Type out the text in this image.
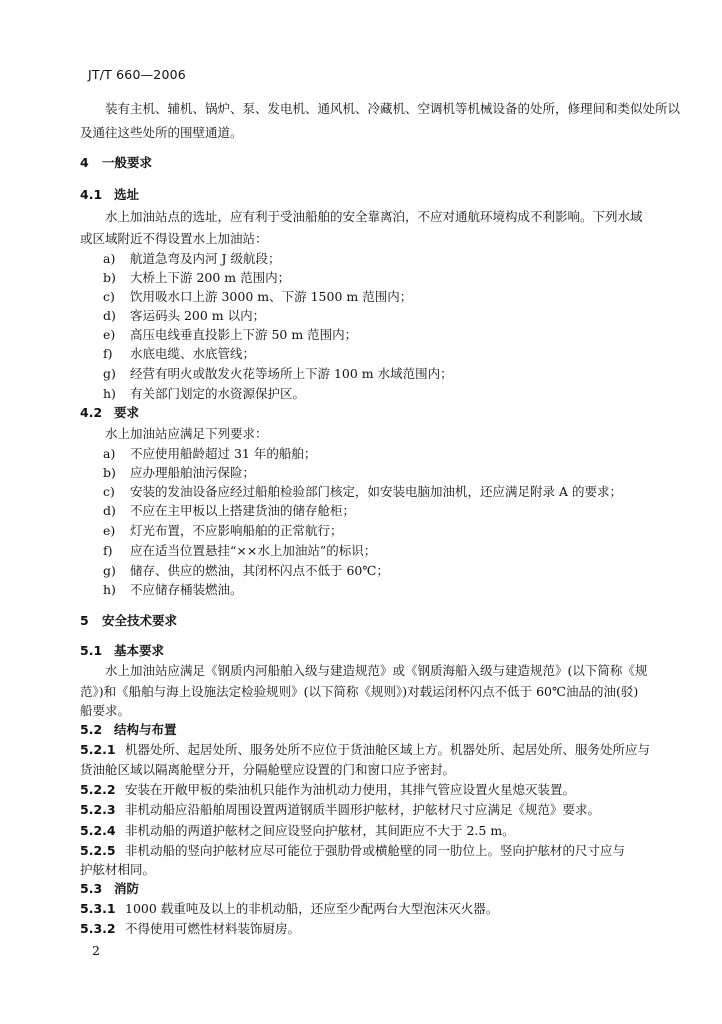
JT/T 660—2006
装有主机、辅机、锅炉、泵、发电机、通风机、冷藏机、空调机等机械设备的处所，修理间和类似处所以
及通往这些处所的围壁通道。
4 一般要求
4.1 选址
水上加油站点的选址，应有利于受油船舶的安全靠离泊，不应对通航环境构成不利影响。下列水域
或区域附近不得设置水上加油站：
a) 航道急弯及内河 J 级航段；
b) 大桥上下游 200 m 范围内；
c) 饮用吸水口上游 3000 m、下游 1500 m 范围内；
d) 客运码头 200 m 以内；
e) 高压电线垂直投影上下游 50 m 范围内；
f) 水底电缆、水底管线；
g) 经营有明火或散发火花等场所上下游 100 m 水域范围内；
h) 有关部门划定的水资源保护区。
4.2 要求
水上加油站应满足下列要求：
a) 不应使用船龄超过 31 年的船舶；
b) 应办理船舶油污保险；
c) 安装的发油设备应经过船舶检验部门核定，如安装电脑加油机，还应满足附录 A 的要求；
d) 不应在主甲板以上搭建货油的储存舱柜；
e) 灯光布置，不应影响船舶的正常航行；
f) 应在适当位置悬挂“××水上加油站”的标识；
g) 储存、供应的燃油，其闭杯闪点不低于 60℃；
h) 不应储存桶装燃油。
5 安全技术要求
5.1 基本要求
水上加油站应满足《钢质内河船舶入级与建造规范》或《钢质海船入级与建造规范》(以下简称《规
范》)和《船舶与海上设施法定检验规则》(以下简称《规则》)对载运闭杯闪点不低于 60℃油品的油(驳)
船要求。
5.2 结构与布置
5.2.1 机器处所、起居处所、服务处所不应位于货油舱区域上方。机器处所、起居处所、服务处所应与
货油舱区域以隔离舱壁分开，分隔舱壁应设置的门和窗口应予密封。
5.2.2 安装在开敞甲板的柴油机只能作为油机动力使用，其排气管应设置火星熄灭装置。
5.2.3 非机动船应沿船舶周围设置两道钢质半圆形护舷材，护舷材尺寸应满足《规范》要求。
5.2.4 非机动船的两道护舷材之间应设竖向护舷材，其间距应不大于 2.5 m。
5.2.5 非机动船的竖向护舷材应尽可能位于强肋骨或横舱壁的同一肋位上。竖向护舷材的尺寸应与
护舷材相同。
5.3 消防
5.3.1 1000 载重吨及以上的非机动船，还应至少配两台大型泡沫灭火器。
5.3.2 不得使用可燃性材料装饰厨房。
2
